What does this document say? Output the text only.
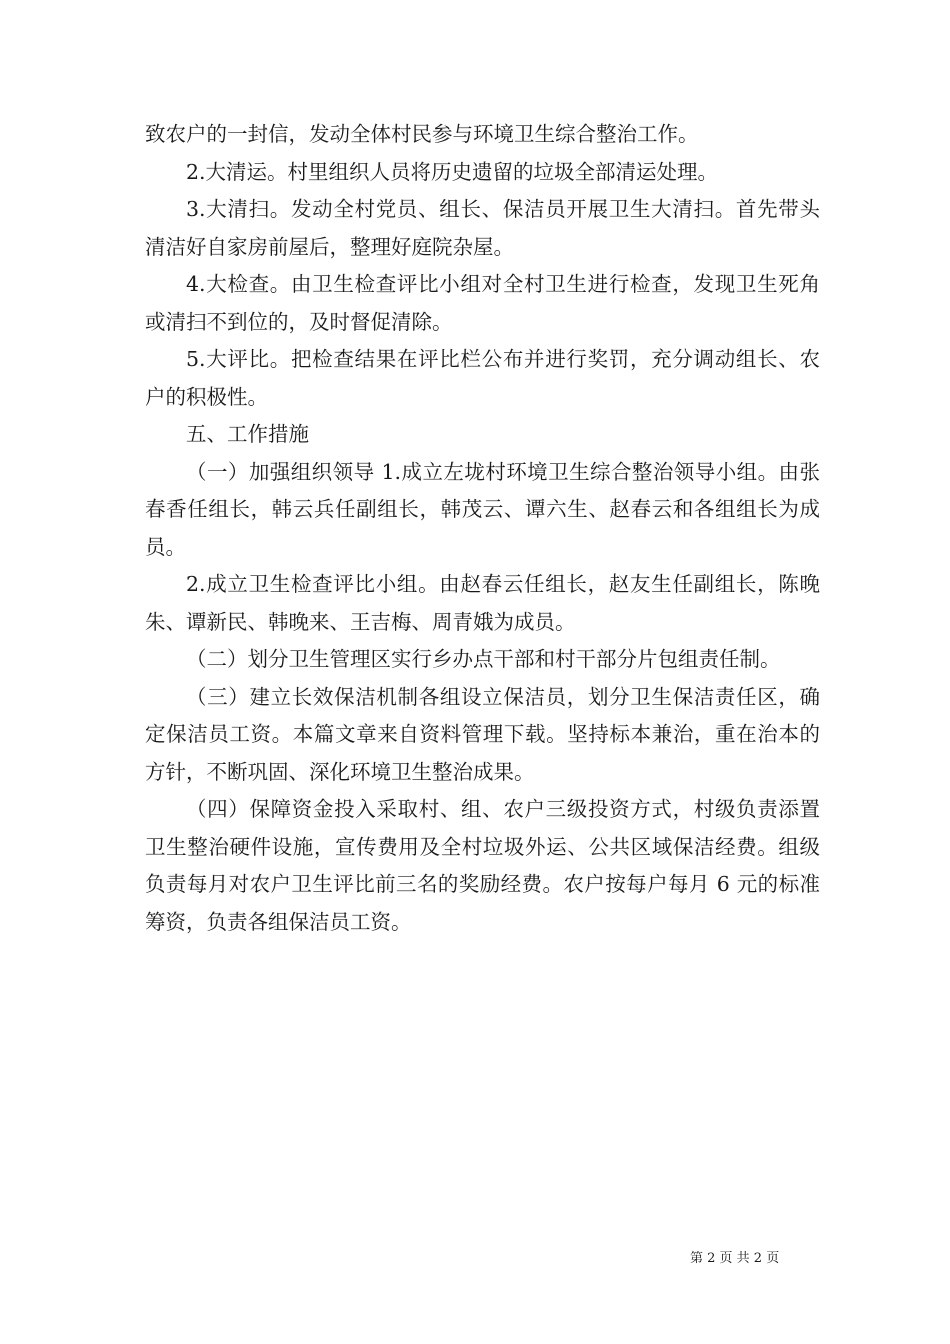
致农户的一封信，发动全体村民参与环境卫生综合整治工作。

2.大清运。村里组织人员将历史遗留的垃圾全部清运处理。

3.大清扫。发动全村党员、组长、保洁员开展卫生大清扫。首先带头清洁好自家房前屋后，整理好庭院杂屋。

4.大检查。由卫生检查评比小组对全村卫生进行检查，发现卫生死角或清扫不到位的，及时督促清除。

5.大评比。把检查结果在评比栏公布并进行奖罚，充分调动组长、农户的积极性。

五、工作措施

（一）加强组织领导 1.成立左垅村环境卫生综合整治领导小组。由张春香任组长，韩云兵任副组长，韩茂云、谭六生、赵春云和各组组长为成员。

2.成立卫生检查评比小组。由赵春云任组长，赵友生任副组长，陈晚朱、谭新民、韩晚来、王吉梅、周青娥为成员。

（二）划分卫生管理区实行乡办点干部和村干部分片包组责任制。

（三）建立长效保洁机制各组设立保洁员，划分卫生保洁责任区，确定保洁员工资。本篇文章来自资料管理下载。坚持标本兼治，重在治本的方针，不断巩固、深化环境卫生整治成果。

（四）保障资金投入采取村、组、农户三级投资方式，村级负责添置卫生整治硬件设施，宣传费用及全村垃圾外运、公共区域保洁经费。组级负责每月对农户卫生评比前三名的奖励经费。农户按每户每月 6 元的标准筹资，负责各组保洁员工资。

第 2 页 共 2 页
